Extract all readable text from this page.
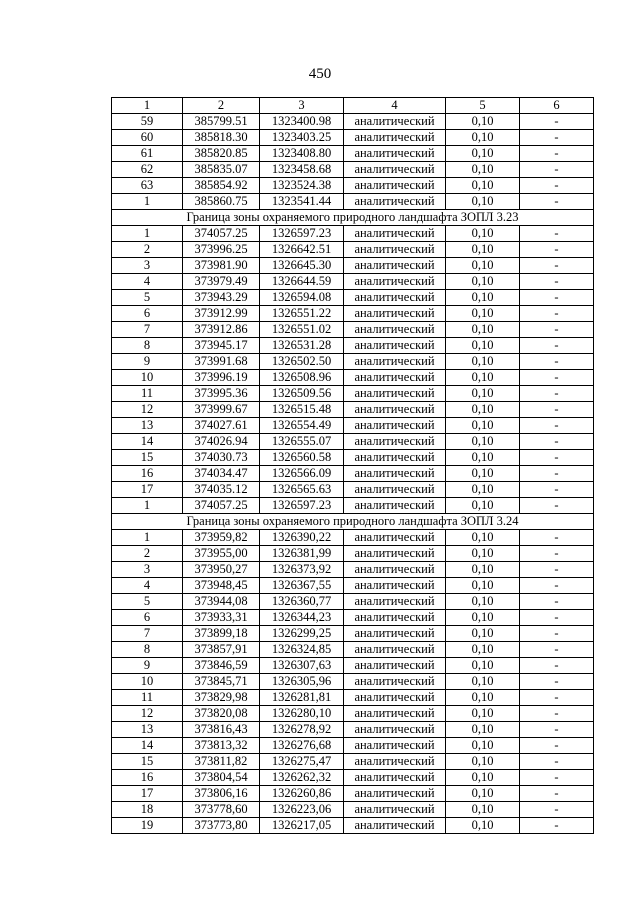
450
1	2	3	4	5	6
59	385799.51	1323400.98	аналитический	0,10	-
60	385818.30	1323403.25	аналитический	0,10	-
61	385820.85	1323408.80	аналитический	0,10	-
62	385835.07	1323458.68	аналитический	0,10	-
63	385854.92	1323524.38	аналитический	0,10	-
1	385860.75	1323541.44	аналитический	0,10	-
Граница зоны охраняемого природного ландшафта ЗОПЛ 3.23					
1	374057.25	1326597.23	аналитический	0,10	-
2	373996.25	1326642.51	аналитический	0,10	-
3	373981.90	1326645.30	аналитический	0,10	-
4	373979.49	1326644.59	аналитический	0,10	-
5	373943.29	1326594.08	аналитический	0,10	-
6	373912.99	1326551.22	аналитический	0,10	-
7	373912.86	1326551.02	аналитический	0,10	-
8	373945.17	1326531.28	аналитический	0,10	-
9	373991.68	1326502.50	аналитический	0,10	-
10	373996.19	1326508.96	аналитический	0,10	-
11	373995.36	1326509.56	аналитический	0,10	-
12	373999.67	1326515.48	аналитический	0,10	-
13	374027.61	1326554.49	аналитический	0,10	-
14	374026.94	1326555.07	аналитический	0,10	-
15	374030.73	1326560.58	аналитический	0,10	-
16	374034.47	1326566.09	аналитический	0,10	-
17	374035.12	1326565.63	аналитический	0,10	-
1	374057.25	1326597.23	аналитический	0,10	-
Граница зоны охраняемого природного ландшафта ЗОПЛ 3.24					
1	373959,82	1326390,22	аналитический	0,10	-
2	373955,00	1326381,99	аналитический	0,10	-
3	373950,27	1326373,92	аналитический	0,10	-
4	373948,45	1326367,55	аналитический	0,10	-
5	373944,08	1326360,77	аналитический	0,10	-
6	373933,31	1326344,23	аналитический	0,10	-
7	373899,18	1326299,25	аналитический	0,10	-
8	373857,91	1326324,85	аналитический	0,10	-
9	373846,59	1326307,63	аналитический	0,10	-
10	373845,71	1326305,96	аналитический	0,10	-
11	373829,98	1326281,81	аналитический	0,10	-
12	373820,08	1326280,10	аналитический	0,10	-
13	373816,43	1326278,92	аналитический	0,10	-
14	373813,32	1326276,68	аналитический	0,10	-
15	373811,82	1326275,47	аналитический	0,10	-
16	373804,54	1326262,32	аналитический	0,10	-
17	373806,16	1326260,86	аналитический	0,10	-
18	373778,60	1326223,06	аналитический	0,10	-
19	373773,80	1326217,05	аналитический	0,10	-
